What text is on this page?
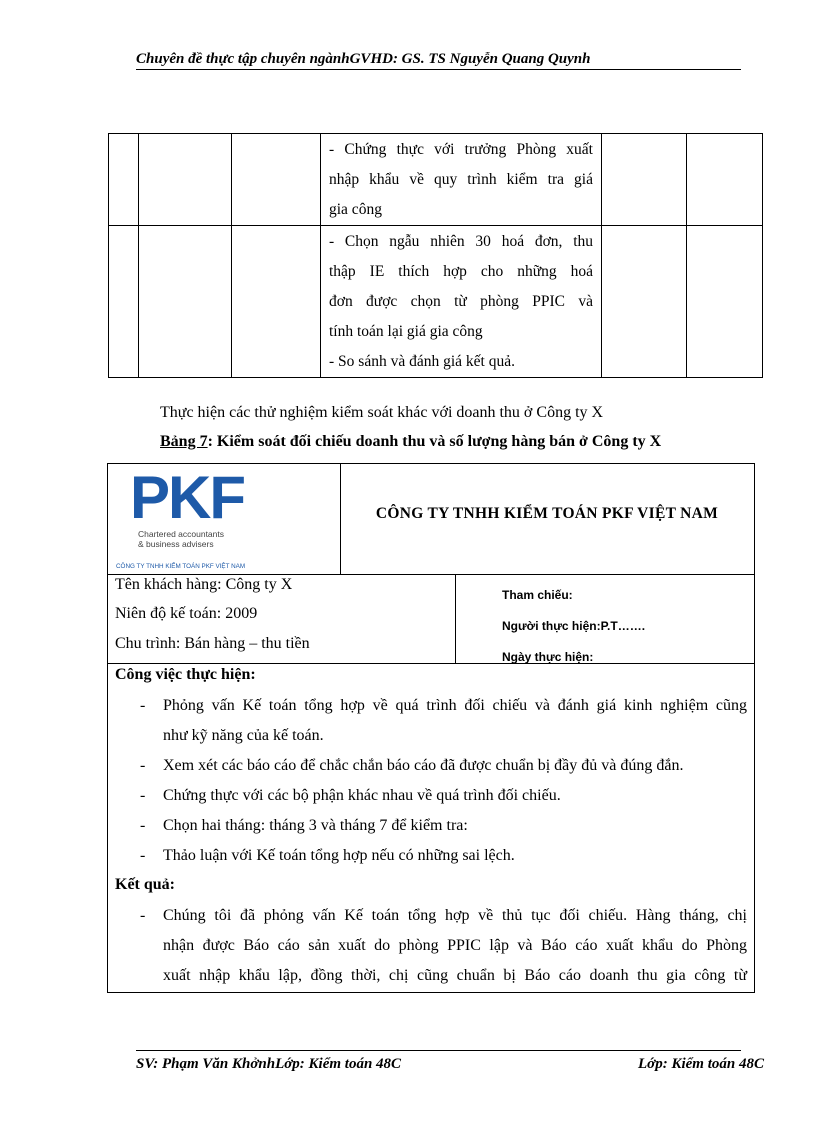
Chuyên đề thực tập chuyên ngànhGVHD: GS. TS Nguyễn Quang Quynh

			- Chứng thực với trưởng Phòng xuất
nhập khẩu về quy trình kiểm tra giá
gia công		

			- Chọn ngẫu nhiên 30 hoá đơn, thu
thập IE thích hợp cho những hoá
đơn được chọn từ phòng PPIC và
tính toán lại giá gia công
- So sánh và đánh giá kết quả.		

Thực hiện các thử nghiệm kiểm soát khác với doanh thu ở Công ty X
Bảng 7: Kiểm soát đối chiếu doanh thu và số lượng hàng bán ở Công ty X
PKF
Chartered accountants
& business advisers
CÔNG TY TNHH KIỂM TOÁN PKF VIỆT NAM
CÔNG TY TNHH KIỂM TOÁN PKF VIỆT NAM
Tên khách hàng: Công ty X
Niên độ kế toán: 2009
Chu trình: Bán hàng – thu tiền
Tham chiếu:
Người thực hiện:P.T…….
Ngày thực hiện:
Công việc thực hiện:
- Phỏng vấn Kế toán tổng hợp về quá trình đối chiếu và đánh giá kinh nghiệm cũng
như kỹ năng của kế toán.
- Xem xét các báo cáo để chắc chắn báo cáo đã được chuẩn bị đầy đủ và đúng đắn.
- Chứng thực với các bộ phận khác nhau về quá trình đối chiếu.
- Chọn hai tháng: tháng 3 và tháng 7 để kiểm tra:
- Thảo luận với Kế toán tổng hợp nếu có những sai lệch.
Kết quả:
- Chúng tôi đã phỏng vấn Kế toán tổng hợp về thủ tục đối chiếu. Hàng tháng, chị
nhận được Báo cáo sản xuất do phòng PPIC lập và Báo cáo xuất khẩu do Phòng
xuất nhập khẩu lập, đồng thời, chị cũng chuẩn bị Báo cáo doanh thu gia công từ
SV: Phạm Văn KhởnhLớp: Kiểm toán 48C	Lớp: Kiểm toán 48C
